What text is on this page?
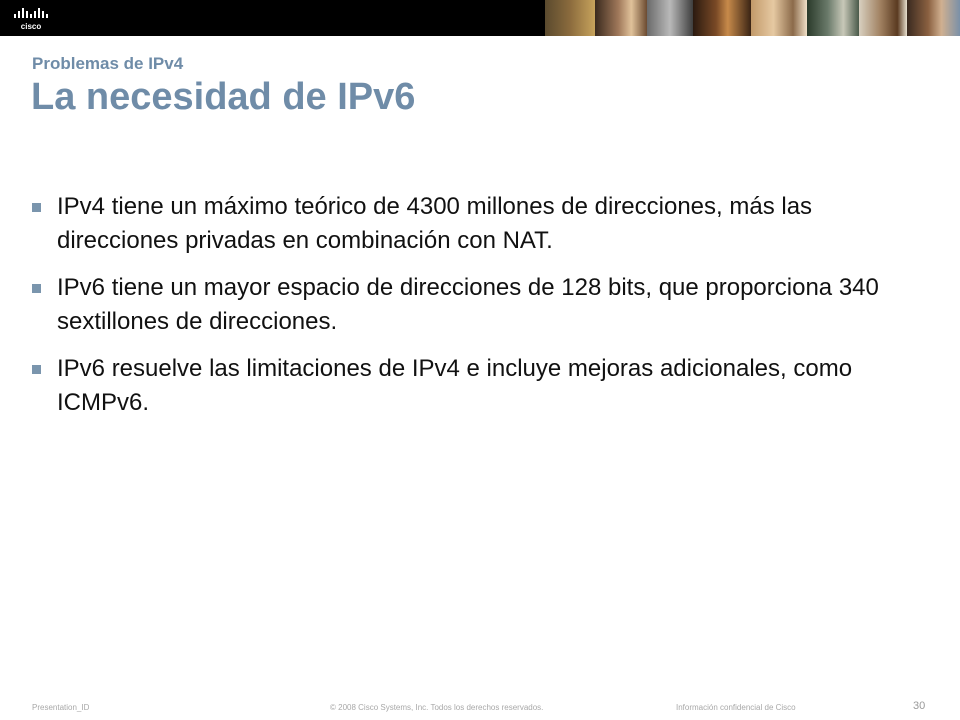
cisco
Problemas de IPv4
La necesidad de IPv6
IPv4 tiene un máximo teórico de 4300 millones de direcciones, más las direcciones privadas en combinación con NAT.
IPv6 tiene un mayor espacio de direcciones de 128 bits, que proporciona 340 sextillones de direcciones.
IPv6 resuelve las limitaciones de IPv4 e incluye mejoras adicionales, como ICMPv6.
Presentation_ID	© 2008 Cisco Systems, Inc. Todos los derechos reservados.	Información confidencial de Cisco	30
